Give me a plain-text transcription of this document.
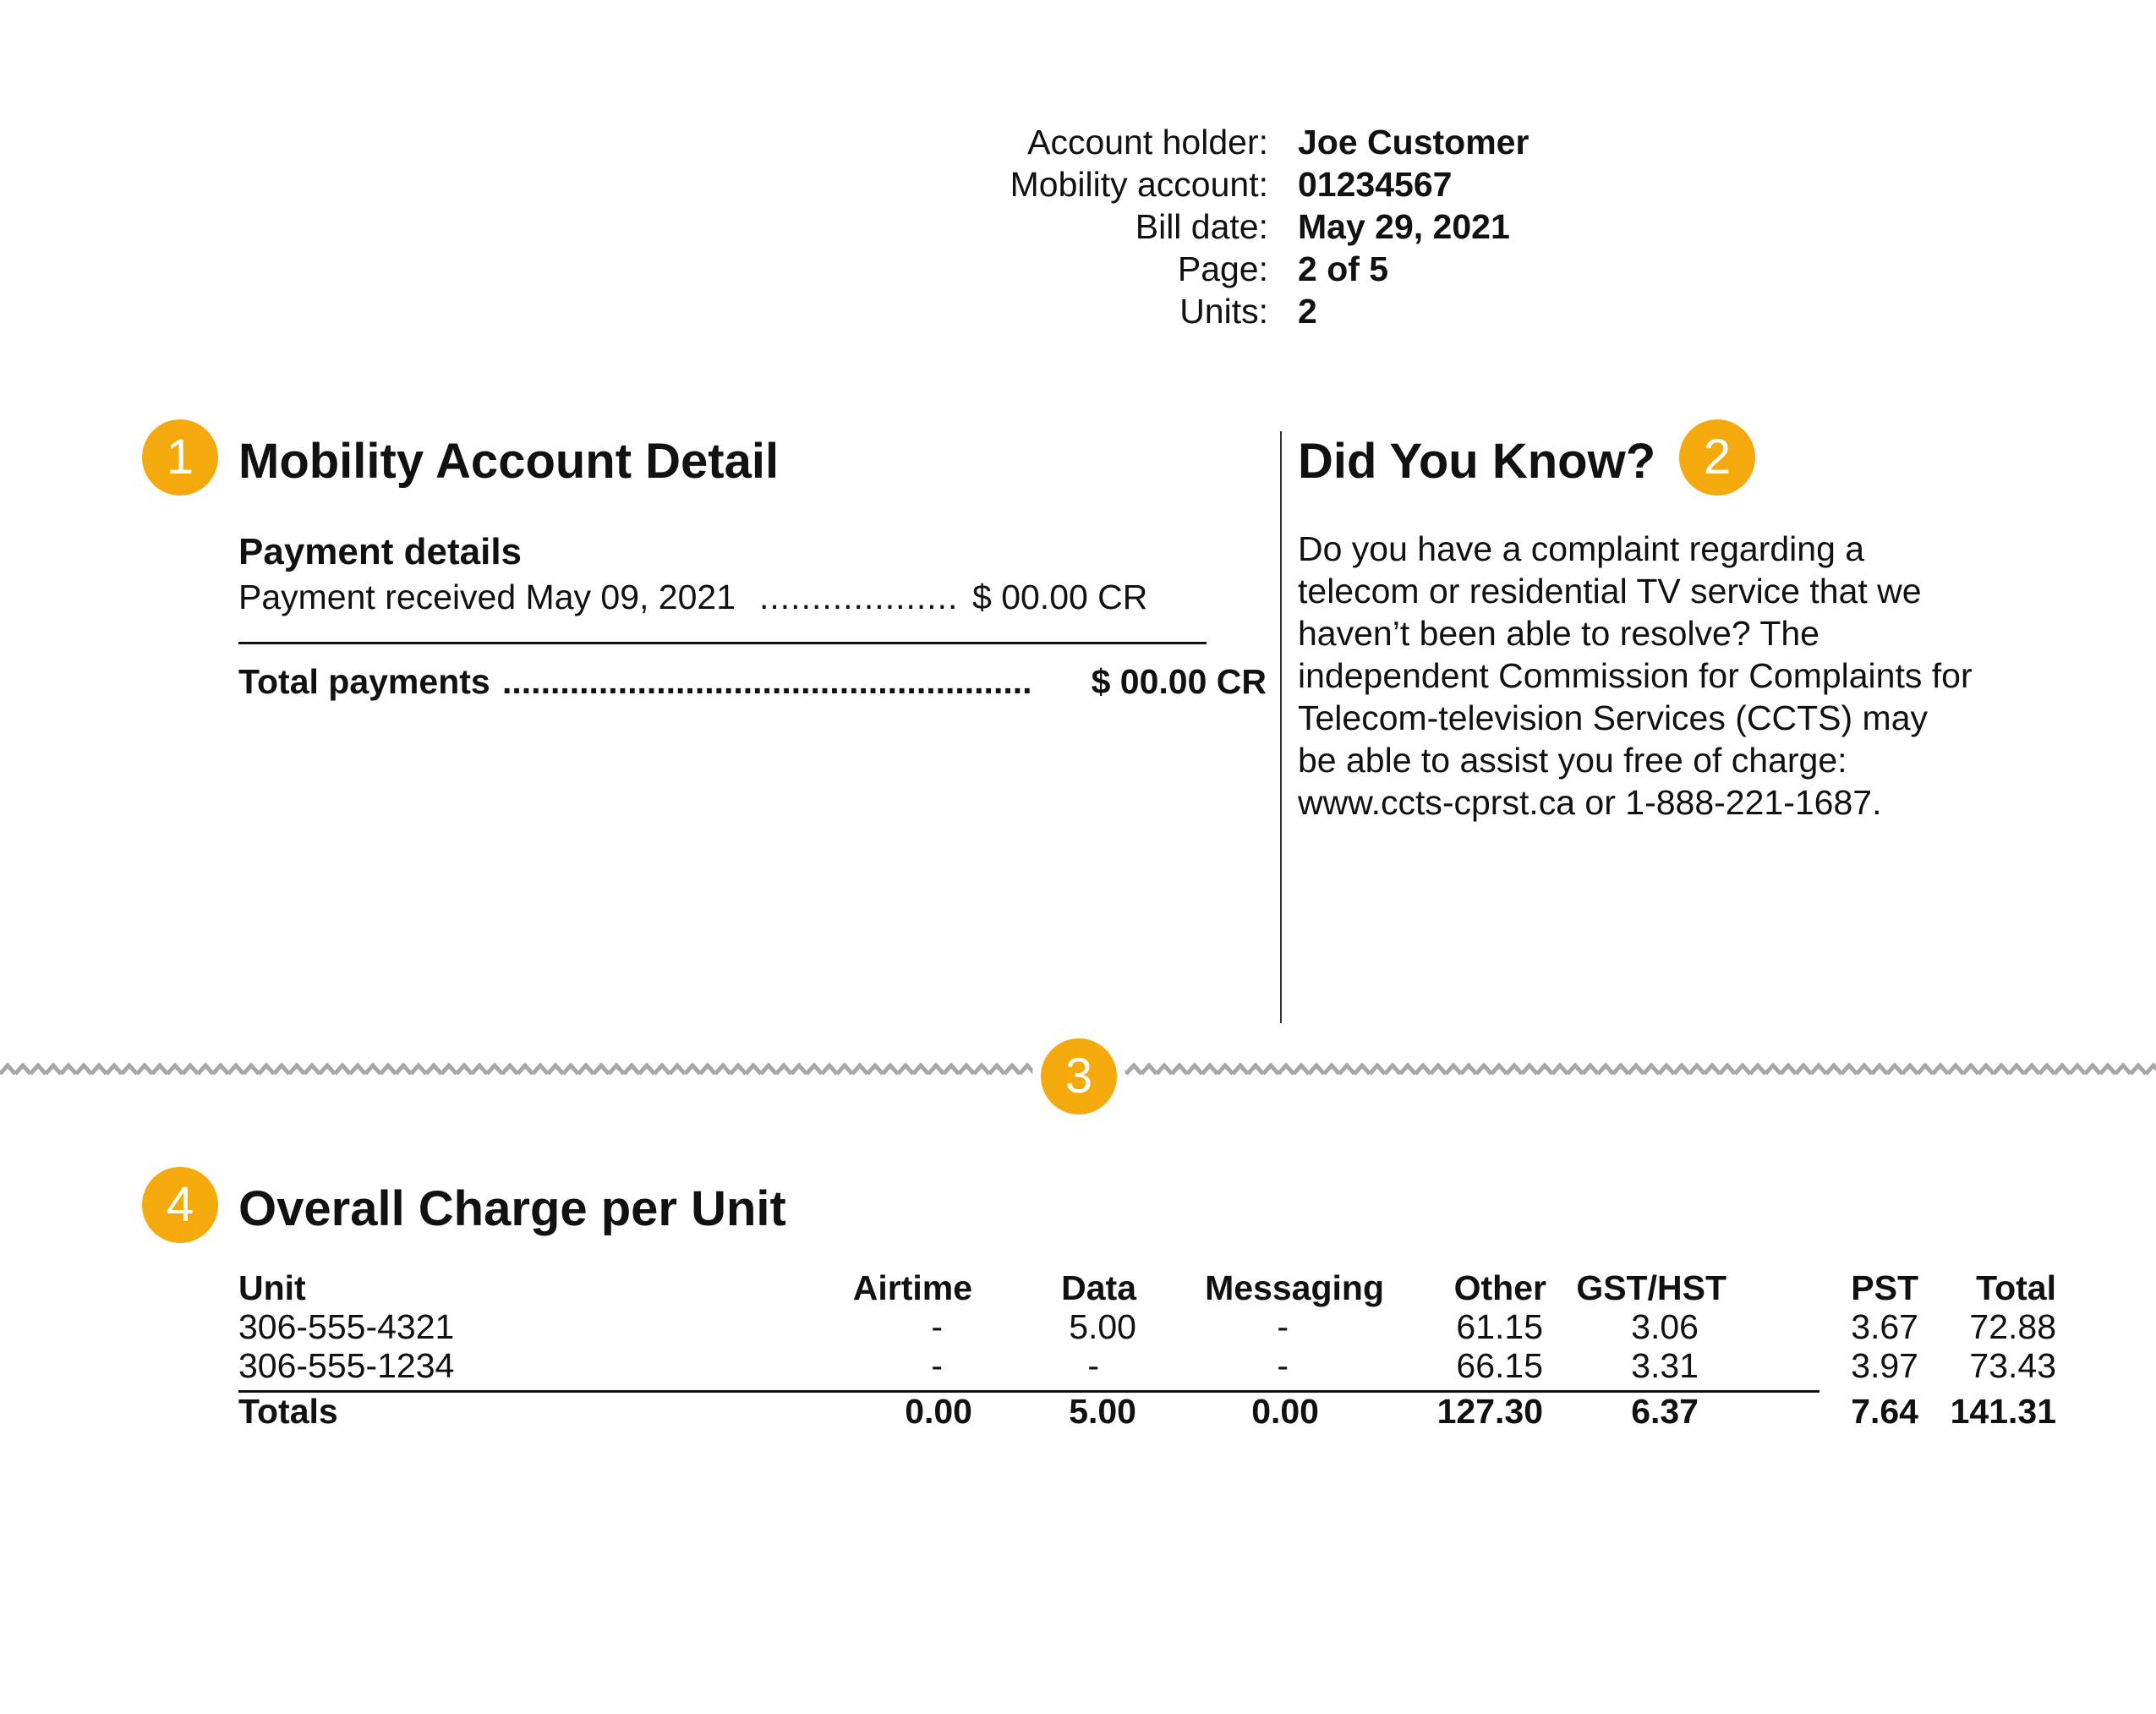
Account holder: Joe Customer
Mobility account: 01234567
Bill date: May 29, 2021
Page: 2 of 5
Units: 2
1 Mobility Account Detail
Payment details
Payment received May 09, 2021 ................... $ 00.00 CR
Total payments ....................................................... $ 00.00 CR
Did You Know? 2
Do you have a complaint regarding a telecom or residential TV service that we haven’t been able to resolve? The independent Commission for Complaints for Telecom-television Services (CCTS) may be able to assist you free of charge: www.ccts-cprst.ca or 1-888-221-1687.
3
4 Overall Charge per Unit
Unit	Airtime	Data Messaging Other GST/HST	PST Total
306-555-4321	-	5.00	-	61.15	3.06	3.67 72.88
306-555-1234	-	-	-	66.15	3.31	3.97 73.43
Totals	0.00	5.00	0.00	127.30	6.37	7.64 141.31
